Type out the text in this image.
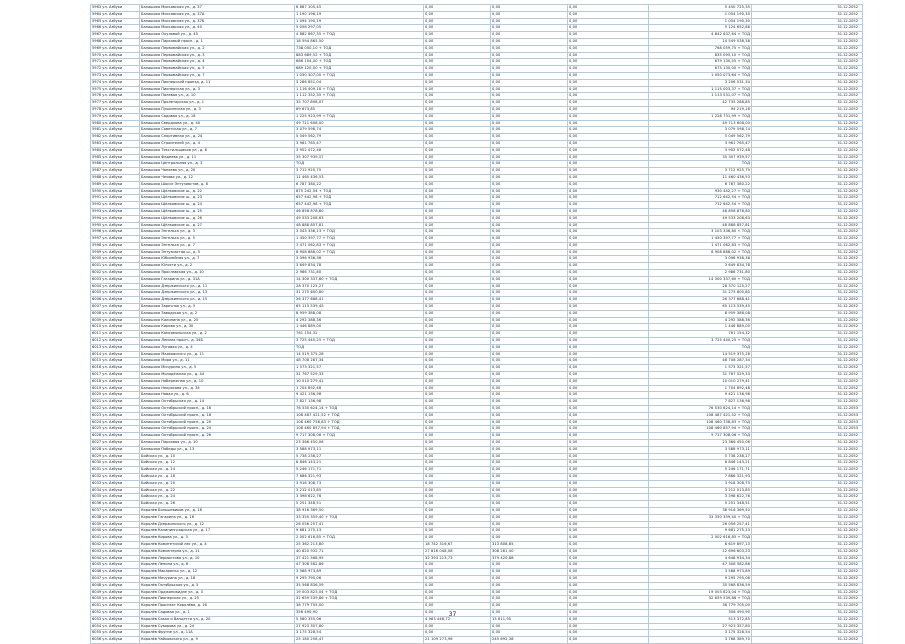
5963 ул. Азбуки	Балашиха Московская ул., д. 37	6 887 105,45	0,00	0,00	0,00	5 450 725,35	31.12.2052
5964 ул. Азбуки	Балашиха Московская ул., д. 37А	1 190 196,19	0,00	0,00	0,00	1 054 190,30	31.12.2052
5965 ул. Азбуки	Балашиха Московская ул., д. 37Б	1 094 190,19	0,00	0,00	0,00	1 054 190,30	31.12.2052
5966 ул. Азбуки	Балашиха Московская ул., д. 40	5 058 297,05	0,00	0,00	0,00	5 124 652,86	31.12.2052
5967 ул. Азбуки	Балашиха Окуловой ул., д. 45	4 882 867,35 + ТОД	0,00	0,00	0,00	4 842 637,64 + ТОД	31.12.2052
5968 ул. Азбуки	Балашиха Парковый просп., д. 1	18 594 865,50	0,00	0,00	0,00	14 549 038,38	31.12.2052
5969 ул. Азбуки	Балашиха Первомайская ул., д. 2	738 050,10 + ТОД	0,00	0,00	0,00	768 059,75 + ТОД	31.12.2052
5970 ул. Азбуки	Балашиха Первомайская ул., д. 3	883 689,52 + ТОД	0,00	0,00	0,00	835 095,10 + ТОД	31.12.2052
5971 ул. Азбуки	Балашиха Первомайская ул., д. 4	686 104,00 + ТОД	0,00	0,00	0,00	679 130,55 + ТОД	31.12.2052
5972 ул. Азбуки	Балашиха Первомайская ул., д. 5	689 120,00 + ТОД	0,00	0,00	0,00	675 130,00 + ТОД	31.12.2052
5973 ул. Азбуки	Балашиха Первомайская ул., д. 7	1 030 307,00 + ТОД	0,00	0,00	0,00	1 050 073,64 + ТОД	31.12.2052
5974 ул. Азбуки	Балашиха Пионерский проезд, д. 11	3 286 851,04	0,00	0,00	0,00	3 206 531,34	31.12.2052
5975 ул. Азбуки	Балашиха Пионерская ул., д. 3	1 116 409,18 + ТОД	0,00	0,00	0,00	1 115 003,37 + ТОД	31.12.2052
5976 ул. Азбуки	Балашиха Полевая ул., д. 10	1 112 352,35 + ТОД	0,00	0,00	0,00	1 113 531,07 + ТОД	31.12.2052
5977 ул. Азбуки	Балашиха Пролетарская ул., д. 1	35 707 898,07	0,00	0,00	0,00	42 735 288,85	31.12.2052
5978 ул. Азбуки	Балашиха Пушкинская ул., д. 3	89 673,85	0,00	0,00	0,00	94 219,18	31.12.2052
5979 ул. Азбуки	Балашиха Садовая ул., д. 18	1 225 923,99 + ТОД	0,00	0,00	0,00	1 228 731,99 + ТОД	31.12.2052
5980 ул. Азбуки	Балашиха Свердлова ул., д. 40	49 711 608,00	0,00	0,00	0,00	49 713 608,00	31.12.2052
5981 ул. Азбуки	Балашиха Советская ул., д. 7	3 079 598,74	0,00	0,00	0,00	3 079 598,74	31.12.2052
5982 ул. Азбуки	Балашиха Спортивная ул., д. 24	5 049 562,79	0,00	0,00	0,00	5 049 562,79	31.12.2052
5983 ул. Азбуки	Балашиха Строителей ул., д. 4	3 961 765,47	0,00	0,00	0,00	3 961 765,47	31.12.2052
5984 ул. Азбуки	Балашиха Текстильщиков ул., д. 6	3 952 072,48	0,00	0,00	0,00	3 952 072,48	31.12.2052
5985 ул. Азбуки	Балашиха Фадеева ул., д. 11	35 307 939,57	0,00	0,00	0,00	35 307 939,57	31.12.2052
5986 ул. Азбуки	Балашиха Центральная ул., д. 3	ТОД	0,00	0,00	0,00	ТОД	31.12.2052
5987 ул. Азбуки	Балашиха Чапаева ул., д. 20	3 712 925,75	0,00	0,00	0,00	3 712 925,75	31.12.2052
5988 ул. Азбуки	Балашиха Чехова ул., д. 12	11 460 436,53	0,00	0,00	0,00	11 460 436,53	31.12.2052
5989 ул. Азбуки	Балашиха Шоссе Энтузиастов, д. 8	6 787 380,22	0,00	0,00	0,00	6 787 380,22	31.12.2052
5990 ул. Азбуки	Балашиха Щёлковское ш., д. 22	875 242,54 + ТОД	0,00	0,00	0,00	930 442,27 + ТОД	31.12.2052
5991 ул. Азбуки	Балашиха Щёлковское ш., д. 23	657 442,98 + ТОД	0,00	0,00	0,00	712 642,54 + ТОД	31.12.2052
5992 ул. Азбуки	Балашиха Щёлковское ш., д. 24	657 442,98 + ТОД	0,00	0,00	0,00	712 642,54 + ТОД	31.12.2052
5993 ул. Азбуки	Балашиха Щёлковское ш., д. 25	46 858 878,80	0,00	0,00	0,00	46 858 878,80	31.12.2052
5994 ул. Азбуки	Балашиха Щёлковское ш., д. 26	49 533 208,63	0,00	0,00	0,00	49 533 208,63	31.12.2052
5995 ул. Азбуки	Балашиха Щёлковское ш., д. 27	48 888 857,81	0,00	0,00	0,00	48 888 857,81	31.12.2052
5996 ул. Азбуки	Балашиха Энгельса ул., д. 3	3 043 336,13 + ТОД	0,00	0,00	0,00	3 103 336,80 + ТОД	31.12.2052
5997 ул. Азбуки	Балашиха Энгельса ул., д. 5	1 450 397,77 + ТОД	0,00	0,00	0,00	1 450 397,77 + ТОД	31.12.2052
5998 ул. Азбуки	Балашиха Энгельса ул., д. 7	1 471 062,83 + ТОД	0,00	0,00	0,00	1 471 062,83 + ТОД	31.12.2052
5999 ул. Азбуки	Балашиха Энтузиастов ш., д. 5	8 908 888,02 + ТОД	0,00	0,00	0,00	8 908 888,02 + ТОД	31.12.2052
6000 ул. Азбуки	Балашиха Юбилейная ул., д. 7	3 096 936,36	0,00	0,00	0,00	3 096 936,36	31.12.2052
6001 ул. Азбуки	Балашиха Юности ул., д. 2	3 649 834,78	0,00	0,00	0,00	3 649 834,78	31.12.2052
6002 ул. Азбуки	Балашиха Ярославская ул., д. 10	2 986 731,80	0,00	0,00	0,00	2 986 731,80	31.12.2052
6003 ул. Азбуки	Балашиха Гагарина ул., д. 31А	14 300 337,60 + ТОД	0,00	0,00	0,00	14 300 337,60 + ТОД	31.12.2052
6004 ул. Азбуки	Балашиха Дзержинского ул., д. 11	28 370 125,27	0,00	0,00	0,00	28 370 125,27	31.12.2052
6005 ул. Азбуки	Балашиха Дзержинского ул., д. 13	31 275 600,80	0,00	0,00	0,00	31 275 600,80	31.12.2052
6006 ул. Азбуки	Балашиха Дзержинского ул., д. 15	26 377 688,41	0,00	0,00	0,00	26 377 688,41	31.12.2052
6007 ул. Азбуки	Балашиха Заречная ул., д. 5	65 113 539,45	0,00	0,00	0,00	65 113 539,45	31.12.2052
6008 ул. Азбуки	Балашиха Заводская ул., д. 2	8 959 388,08	0,00	0,00	0,00	8 959 388,08	31.12.2052
6009 ул. Азбуки	Балашиха Калинина ул., д. 25	4 292 388,36	0,00	0,00	0,00	4 292 388,36	31.12.2052
6010 ул. Азбуки	Балашиха Кирова ул., д. 30	1 446 889,00	0,00	0,00	0,00	1 446 889,00	31.12.2052
6011 ул. Азбуки	Балашиха Комсомольская ул., д. 2	761 154,32	0,00	0,00	0,00	761 154,32	31.12.2052
6012 ул. Азбуки	Балашиха Ленина просп., д. 34Б	3 725 440,25 + ТОД	0,00	0,00	0,00	3 725 440,25 + ТОД	31.12.2052
6013 ул. Азбуки	Балашиха Луговая ул., д. 4	ТОД	0,00	0,00	0,00	ТОД	31.12.2052
6014 ул. Азбуки	Балашиха Маяковского ул., д. 11	14 519 375,28	0,00	0,00	0,00	14 519 375,28	31.12.2052
6015 ул. Азбуки	Балашиха Мира ул., д. 11	48 708 287,34	0,00	0,00	0,00	48 708 287,34	31.12.2052
6016 ул. Азбуки	Балашиха Мичурина ул., д. 5	1 573 321,57	0,00	0,00	0,00	1 573 321,57	31.12.2052
6017 ул. Азбуки	Балашиха Молодёжная ул., д. 44	31 767 529,33	0,00	0,00	0,00	31 767 529,33	31.12.2052
6018 ул. Азбуки	Балашиха Набережная ул., д. 10	10 010 279,41	0,00	0,00	0,00	10 010 279,41	31.12.2052
6019 ул. Азбуки	Балашиха Некрасова ул., д. 34	1 704 892,48	0,00	0,00	0,00	1 704 892,48	31.12.2052
6020 ул. Азбуки	Балашиха Новая ул., д. 6	9 421 136,98	0,00	0,00	0,00	9 421 136,98	31.12.2052
6021 ул. Азбуки	Балашиха Октябрьская ул., д. 14	7 827 136,98	0,00	0,00	0,00	7 827 136,98	31.12.2052
6022 ул. Азбуки	Балашиха Октябрьский просп., д. 16	76 530 624,14 + ТОД	0,00	0,00	0,00	76 530 624,14 + ТОД	31.12.2053
6023 ул. Азбуки	Балашиха Октябрьский просп., д. 18	108 487 421,52 + ТОД	0,00	0,00	0,00	108 487 421,52 + ТОД	31.12.2053
6024 ул. Азбуки	Балашиха Октябрьский просп., д. 20	108 460 758,83 + ТОД	0,00	0,00	0,00	108 460 758,83 + ТОД	31.12.2053
6025 ул. Азбуки	Балашиха Октябрьский просп., д. 24	108 460 857,94 + ТОД	0,00	0,00	0,00	108 460 857,94 + ТОД	31.12.2053
6026 ул. Азбуки	Балашиха Октябрьский просп., д. 26	9 717 308,06 + ТОД	0,00	0,00	0,00	9 717 308,06 + ТОД	31.12.2052
6027 ул. Азбуки	Балашиха Парковая ул., д. 10	23 366 450,06	0,00	0,00	0,00	23 366 450,06	31.12.2052
6028 ул. Азбуки	Балашиха Победы ул., д. 13	3 588 973,11	0,00	0,00	0,00	3 588 973,11	31.12.2052
6029 ул. Азбуки	Бийская ул., д. 10	5 738 238,27	0,00	0,00	0,00	5 738 238,27	31.12.2052
6030 ул. Азбуки	Бийская ул., д. 12	6 846 143,21	0,00	0,00	0,00	6 846 143,21	31.12.2052
6031 ул. Азбуки	Бийская ул., д. 14	5 246 171,71	0,00	0,00	0,00	5 246 171,71	31.12.2052
6032 ул. Азбуки	Бийская ул., д. 18	7 886 321,93	0,00	0,00	0,00	7 886 321,93	31.12.2052
6033 ул. Азбуки	Бийская ул., д. 20	3 918 308,73	0,00	0,00	0,00	3 918 308,73	31.12.2052
6034 ул. Азбуки	Бийская ул., д. 22	3 212 013,85	0,00	0,00	0,00	3 212 013,85	31.12.2052
6035 ул. Азбуки	Бийская ул., д. 24	3 398 622,76	0,00	0,00	0,00	3 398 622,76	31.12.2052
6036 ул. Азбуки	Бийская ул., д. 26	5 251 348,51	0,00	0,00	0,00	5 251 348,51	31.12.2052
6037 ул. Азбуки	Королёв Большевиков ул., д. 18	38 916 369,50	0,00	0,00	0,00	38 916 369,50	31.12.2052
6038 ул. Азбуки	Королёв Гагарина ул., д. 16	33 350 359,40 + ТОД	0,00	0,00	0,00	33 350 359,40 + ТОД	31.12.2052
6039 ул. Азбуки	Королёв Дзержинского ул., д. 12	26 056 257,41	0,00	0,00	0,00	26 056 257,41	31.12.2052
6040 ул. Азбуки	Королёв Калининградская ул., д. 17	9 681 275,13	0,00	0,00	0,00	9 681 275,13	31.12.2052
6041 ул. Азбуки	Королёв Кирова ул., д. 3	2 002 616,85 + ТОД	0,00	0,00	0,00	2 002 616,85 + ТОД	31.12.2052
6042 ул. Азбуки	Королёв Комитетский лес ул., д. 4	25 362 213,80	18 742 316,67	313 808,85	0,00	6 619 897,13	31.12.2052
6043 ул. Азбуки	Королёв Коминтерна ул., д. 11	40 820 932,71	27 816 048,08	308 281,40	0,00	12 696 603,23	31.12.2052
6044 ул. Азбуки	Королёв Лермонтова ул., д. 10	37 421 568,95	32 393 213,73	379 420,88	0,00	4 648 934,34	31.12.2052
6045 ул. Азбуки	Королёв Ленина ул., д. 6	47 308 582,86	0,00	0,00	0,00	47 308 582,86	31.12.2052
6046 ул. Азбуки	Королёв Макаренко ул., д. 12	3 588 973,89	0,00	0,00	0,00	3 588 973,89	31.12.2052
6047 ул. Азбуки	Королёв Мичурина ул., д. 18	9 295 795,06	0,00	0,00	0,00	9 295 795,06	31.12.2052
6048 ул. Азбуки	Королёв Октябрьская ул., д. 5	35 568 836,59	0,00	0,00	0,00	35 568 836,59	31.12.2052
6049 ул. Азбуки	Королёв Орджоникидзе ул., д. 3	19 003 823,04 + ТОД	0,00	0,00	0,00	19 003 823,04 + ТОД	31.12.2052
6050 ул. Азбуки	Королёв Пионерская ул., д. 25	32 659 539,86 + ТОД	0,00	0,00	0,00	32 659 539,86 + ТОД	31.12.2052
6051 ул. Азбуки	Королёв Проспект Королёва, д. 16	38 779 705,00	0,00	0,00	0,00	38 779 705,00	31.12.2052
6052 ул. Азбуки	Королёв Садовая ул., д. 1	356 490,90	0,00	0,00	0,00	356 490,90	31.12.2052
6053 ул. Азбуки	Королёв Сакко и Ванцетти ул., д. 20	5 580 355,06	4 963 448,72	15 811,95	0,00	513 372,85	31.12.2052
6054 ул. Азбуки	Королёв Суворова ул., д. 24	27 923 357,80	0,00	0,00	0,00	27 923 357,80	31.12.2052
6055 ул. Азбуки	Королёв Фрунзе ул., д. 11А	3 175 328,54	0,00	0,00	0,00	3 175 328,54	31.12.2052
6056 ул. Азбуки	Королёв Чайковского ул., д. 9	25 180 258,47	21 109 273,96	245 692,38	0,00	3 768 389,70	31.12.2052
37
